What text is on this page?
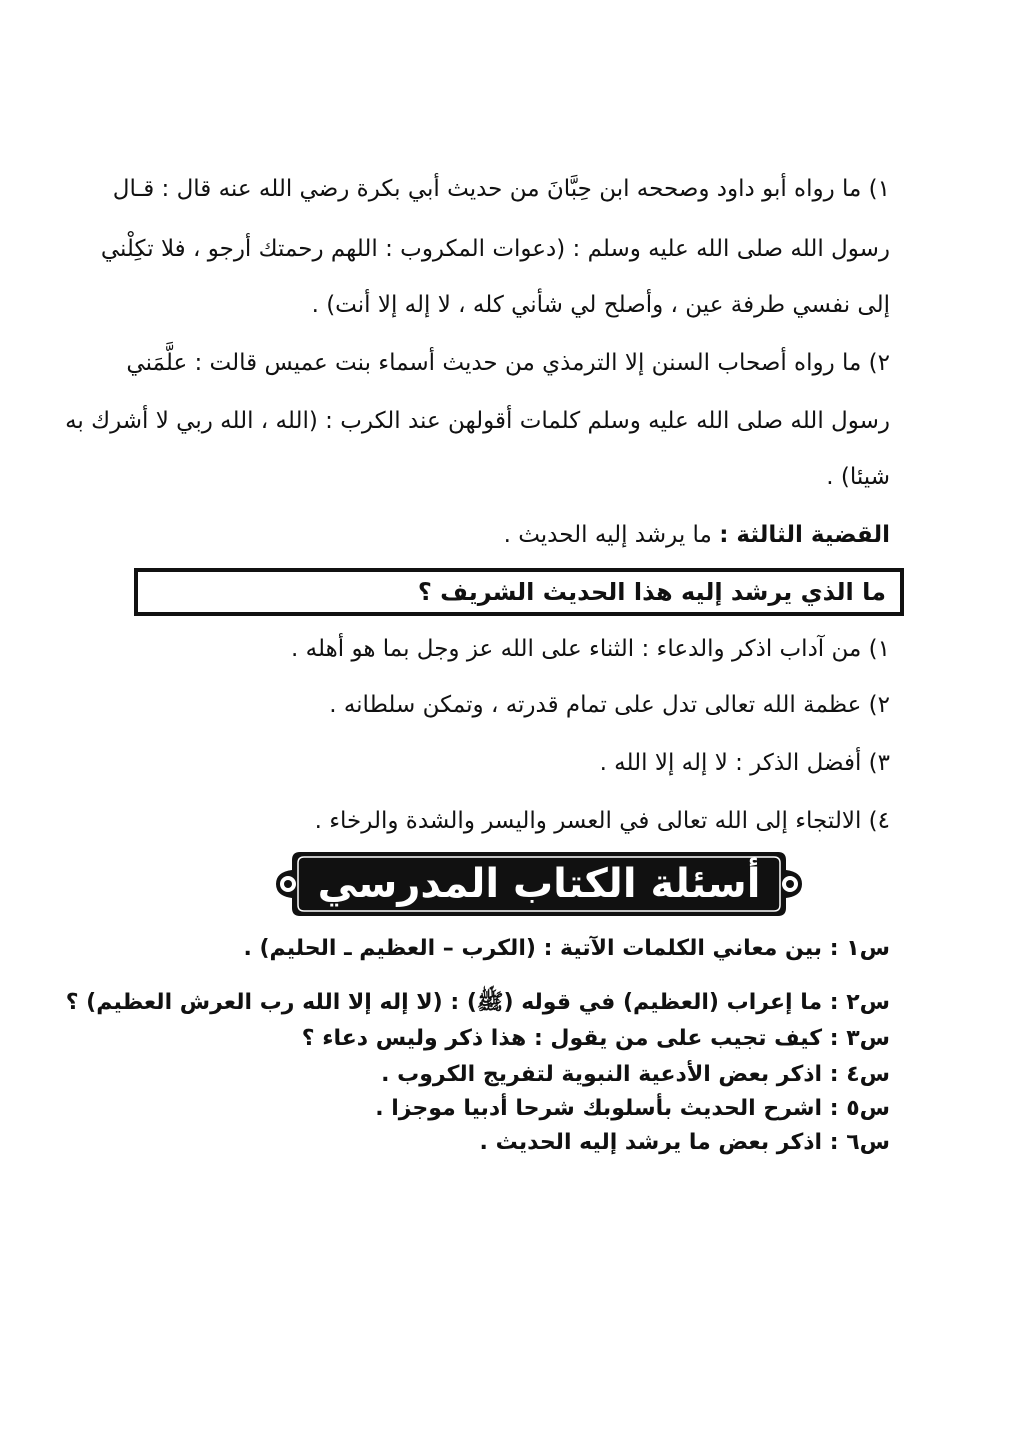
١) ما رواه أبو داود وصححه ابن حِبَّانَ من حديث أبي بكرة رضي الله عنه قال : قـال
رسول الله صلى الله عليه وسلم : (دعوات المكروب : اللهم رحمتك أرجو ، فلا تكِلْني
إلى نفسي طرفة عين ، وأصلح لي شأني كله ، لا إله إلا أنت) .
٢) ما رواه أصحاب السنن إلا الترمذي من حديث أسماء بنت عميس قالت : علَّمَني
رسول الله صلى الله عليه وسلم كلمات أقولهن عند الكرب : (الله ، الله ربي لا أشرك به
شيئا) .
القضية الثالثة : ما يرشد إليه الحديث .
ما الذي يرشد إليه هذا الحديث الشريف ؟
١) من آداب اذكر والدعاء : الثناء على الله عز وجل بما هو أهله .
٢) عظمة الله تعالى تدل على تمام قدرته ، وتمكن سلطانه .
٣) أفضل الذكر : لا إله إلا الله .
٤) الالتجاء إلى الله تعالى في العسر واليسر والشدة والرخاء .
أسئلة الكتاب المدرسي
س١ : بين معاني الكلمات الآتية : (الكرب – العظيم ـ الحليم) .
س٢ : ما إعراب (العظيم) في قوله (ﷺ) : (لا إله إلا الله رب العرش العظيم) ؟
س٣ : كيف تجيب على من يقول : هذا ذكر وليس دعاء ؟
س٤ : اذكر بعض الأدعية النبوية لتفريج الكروب .
س٥ : اشرح الحديث بأسلوبك شرحا أدبيا موجزا .
س٦ : اذكر بعض ما يرشد إليه الحديث .
